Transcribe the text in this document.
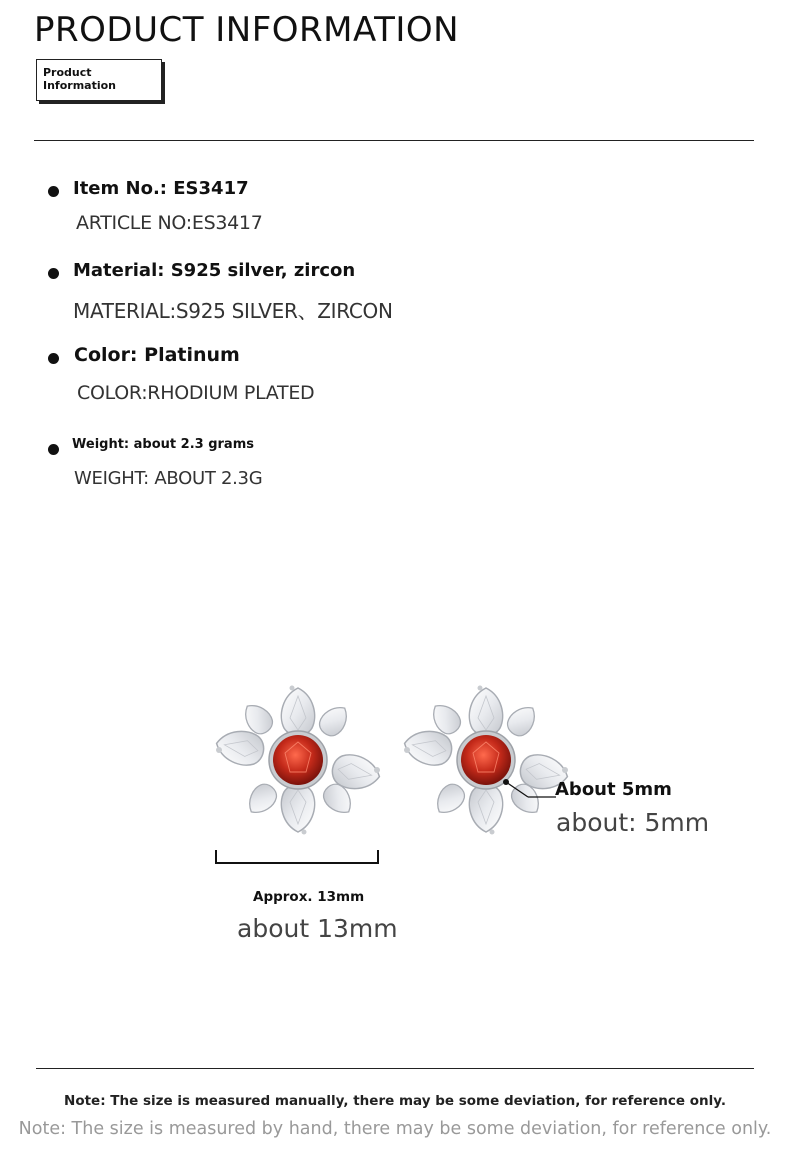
PRODUCT INFORMATION
Product
Information
Item No.: ES3417
ARTICLE NO:ES3417
Material: S925 silver, zircon
MATERIAL:S925 SILVER、ZIRCON
Color: Platinum
COLOR:RHODIUM PLATED
Weight: about 2.3 grams
WEIGHT: ABOUT 2.3G
About 5mm
about: 5mm
Approx. 13mm
about 13mm
Note: The size is measured manually, there may be some deviation, for reference only.
Note: The size is measured by hand, there may be some deviation, for reference only.
